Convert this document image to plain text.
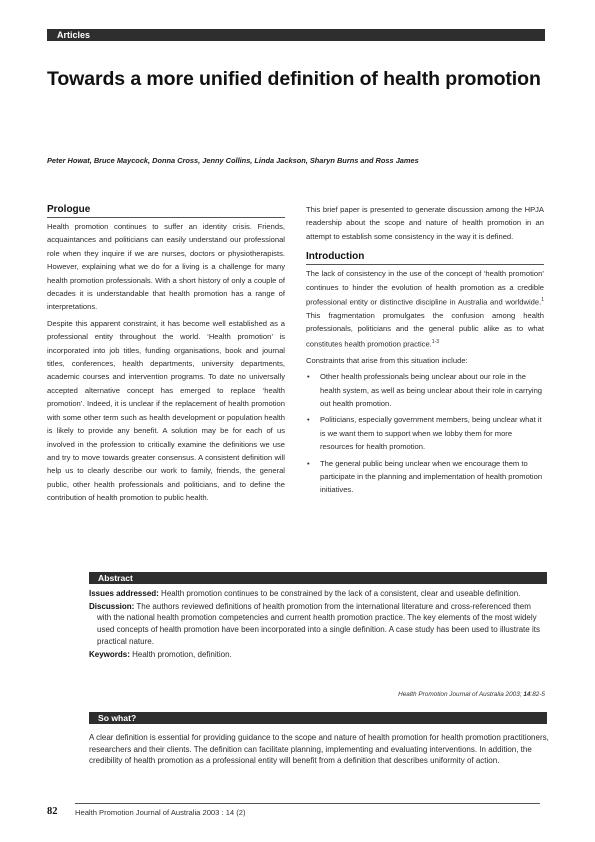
Articles
Towards a more unified definition of health promotion

Peter Howat, Bruce Maycock, Donna Cross, Jenny Collins, Linda Jackson, Sharyn Burns and Ross James

Prologue

Health promotion continues to suffer an identity crisis. Friends, acquaintances and politicians can easily understand our professional role when they inquire if we are nurses, doctors or physiotherapists. However, explaining what we do for a living is a challenge for many health promotion professionals. With a short history of only a couple of decades it is understandable that health promotion has a range of interpretations.

Despite this apparent constraint, it has become well established as a professional entity throughout the world. ‘Health promotion’ is incorporated into job titles, funding organisations, book and journal titles, conferences, health departments, university departments, academic courses and intervention programs. To date no universally accepted alternative concept has emerged to replace ‘health promotion’. Indeed, it is unclear if the replacement of health promotion with some other term such as health development or population health is likely to provide any benefit. A solution may be for each of us involved in the profession to critically examine the definitions we use and try to move towards greater consensus. A consistent definition will help us to clearly describe our work to family, friends, the general public, other health professionals and politicians, and to define the contribution of health promotion to public health.

This brief paper is presented to generate discussion among the HPJA readership about the scope and nature of health promotion in an attempt to establish some consistency in the way it is defined.

Introduction

The lack of consistency in the use of the concept of ‘health promotion’ continues to hinder the evolution of health promotion as a credible professional entity or distinctive discipline in Australia and worldwide.$^1$ This fragmentation promulgates the confusion among health professionals, politicians and the general public alike as to what constitutes health promotion practice.$^{1-3}$

Constraints that arise from this situation include:

• Other health professionals being unclear about our role in the health system, as well as being unclear about their role in carrying out health promotion.
• Politicians, especially government members, being unclear what it is we want them to support when we lobby them for more resources for health promotion.
• The general public being unclear when we encourage them to participate in the planning and implementation of health promotion initiatives.
Abstract

Issues addressed: Health promotion continues to be constrained by the lack of a consistent, clear and useable definition.

Discussion: The authors reviewed definitions of health promotion from the international literature and cross-referenced them with the national health promotion competencies and current health promotion practice. The key elements of the most widely used concepts of health promotion have been incorporated into a single definition. A case study has been used to illustrate its practical nature.

Keywords: Health promotion, definition.

Health Promotion Journal of Australia 2003; 14:82-5
So what?

A clear definition is essential for providing guidance to the scope and nature of health promotion for health promotion practitioners, researchers and their clients. The definition can facilitate planning, implementing and evaluating interventions. In addition, the credibility of health promotion as a professional entity will benefit from a definition that describes uniformity of action.

82 Health Promotion Journal of Australia 2003 : 14 (2)
